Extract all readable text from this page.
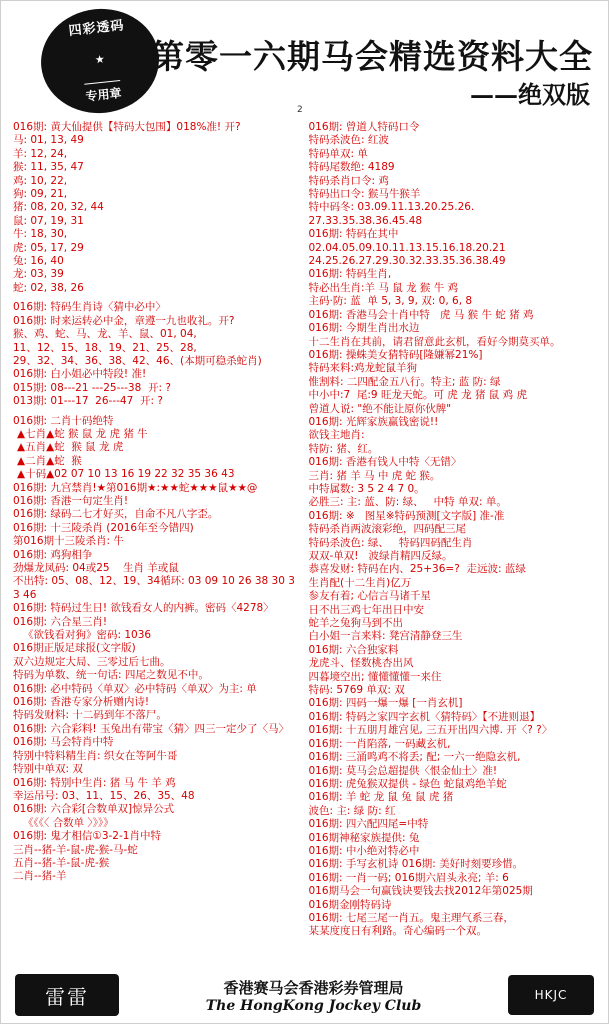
四彩透码
★
专用章
第零一六期马会精选资料大全
——绝双版
2
016期: 黄大仙提供【特码大包围】018%准! 开?
马: 01, 13, 49
羊: 12, 24,
猴: 11, 35, 47
鸡: 10, 22,
狗: 09, 21,
猪: 08, 20, 32, 44
鼠: 07, 19, 31
牛: 18, 30,
虎: 05, 17, 29
兔: 16, 40
龙: 03, 39
蛇: 02, 38, 26
016期: 特码生肖诗〈猜中必中〉
016期: 时来运转必中金，章遵一九也收礼。开?
猴、鸡、蛇、马、龙、羊、鼠、01, 04,
11、12、15、18、19、21、25、28,
29、32、34、36、38、42、46、(本期可稳杀蛇肖)
016期: 白小姐必中特段! 准!
015期: 08---21 ---25---38  开: ?
013期: 01---17  26---47  开: ?
016期: 二肖十码绝特
▲七肖▲蛇 猴 鼠 龙 虎 猪 牛
▲五肖▲蛇  猴 鼠 龙 虎
▲二肖▲蛇  猴
▲十码▲02 07 10 13 16 19 22 32 35 36 43
016期: 九宫禁肖!★第016期★:★★蛇★★★鼠★★@
016期: 香港一句定生肖!
016期: 绿码二七才好买，自命不凡八字歪。
016期: 十三陵杀肖 (2016年至今错四)
第016期十三陵杀肖: 牛
016期: 鸡狗相争
劲爆龙凤码: 04或25    生肖 羊或鼠
不出特: 05、08、12、19、34循环: 03 09 10 26 38 30 33 46
016期: 特码过生日! 欲钱看女人的内裤。密码〈4278〉
016期: 六合星三肖!
《欲钱看对狗》密码: 1036
016期正版足球报(文字版)
双六边规定大局、三零过后七曲。
特码为单数、统一句话: 四尾之数见不中。
016期: 必中特码〈单双〉必中特码〈单双〉为主: 单
016期: 香港专家分析赠内诗!
特码发财料: 十二码到年不落尸。
016期: 六合彩料! 玉兔出有带宝〈猜〉四三一定少了〈马〉
016期: 马会特肖中特
特别中特料精生肖: 织女在等阿牛哥
特别中单双: 双
016期: 特别中生肖: 猪 马 牛 羊 鸡
幸运吊号: 03、11、15、26、35、48
016期: 六合彩[合数单双]惊异公式
《《《〈 合数单 〉》》》
016期: 鬼才相信①3-2-1肖中特
三肖--猪-羊-鼠-虎-猴-马-蛇
五肖--猪-羊-鼠-虎-猴
二肖--猪-羊
016期: 曾道人特码口令
特码杀波色: 红波
特码单双: 单
特码尾数绝: 4189
特码杀肖口令: 鸡
特码出口令: 猴马牛猴羊
特中码冬: 03.09.11.13.20.25.26.
27.33.35.38.36.45.48
016期: 特码在其中
02.04.05.09.10.11.13.15.16.18.20.21
24.25.26.27.29.30.32.33.35.36.38.49
016期: 特码生肖,
特必出生肖:羊 马 鼠 龙 猴 牛 鸡
主码·防: 蓝  单 5, 3, 9, 双: 0, 6, 8
016期: 香港马会十肖中特   虎 马 猴 牛 蛇 猪 鸡
016期: 今期生肖出水边
十二生肖在其前，请君留意此玄机，看好今期莫买单。
016期: 操蛛美女猜特码[隆嫌幂21%]
特码来料:鸡龙蛇鼠羊狗
惟割料: 二四配金五八行。特主; 蓝 防: 绿
中小中:7  尾:9 旺龙天蛇。可 虎 龙 猪 鼠 鸡 虎
曾道人说: "绝不能让原你伙牌"
016期: 光辉家族赢钱密说!!
欲钱主地肖:
特防: 猪、红。
016期: 香港有钱人中特〈无错〉
三肖: 猪 羊 马 中 虎 蛇 猴。
中特属数: 3 5 2 4 7 0。
必胜三: 主: 蓝、防: 绿、   中特 单双: 单。
016期: ※   图星※特码预测[文字版] 准-准
特码杀肖两波滚彩绝，四码配三尾
特码杀波色: 绿、   特码四码配生肖
双双-单双!   波绿肖精四反绿。
恭喜发财: 特码在内、25+36=?  走远波: 蓝绿
生肖配(十二生肖)亿万
参友有着; 心信言马诸千星
日不出三鸡七年出日中安
蛇羊之兔狗马到不出
白小姐一言来料: 凳宫清静登三生
016期: 六合独家料
龙虎斗、怪数桃杏出风
四暮境空出; 懂懂懂懂一来住
特码: 5769 单双: 双
016期: 四码一爆一爆 [一肖玄机]
016期: 特码之家四字玄机〈猜特码〉【不进则退】
016期: 十五朋月雄宫见, 三五开出四六博. 开〈? ?〉
016期: 一肖陷落, 一码藏玄机,
016期: 三涌鸣鸡不将丢; 配; 一六一绝隐玄机,
016期: 莫马会总超提供〈恨金仙土〉准!
016期: 虎兔猴双提供 - 绿色 蛇鼠鸡绝羊蛇
016期: 羊 蛇 龙 鼠 兔 鼠 虎 猪
波色: 主: 绿 防: 红
016期: 四六配四尾=中特
016期神秘家族提供: 兔
016期: 中小绝对特必中
016期: 手写玄机诗 016期: 美好时刻要珍惜。
016期: 一肖一码; 016期六眉头永亮; 羊: 6
016期马会一句赢钱诀要钱去找2012年第025期
016期金刚特码诗
016期: 七尾三尾一肖五。鬼主理气系三春，
某某度度日有利路。奇心编码一个双。
雷雷	香港赛马会香港彩券管理局
The HongKong Jockey Club
HKJC
